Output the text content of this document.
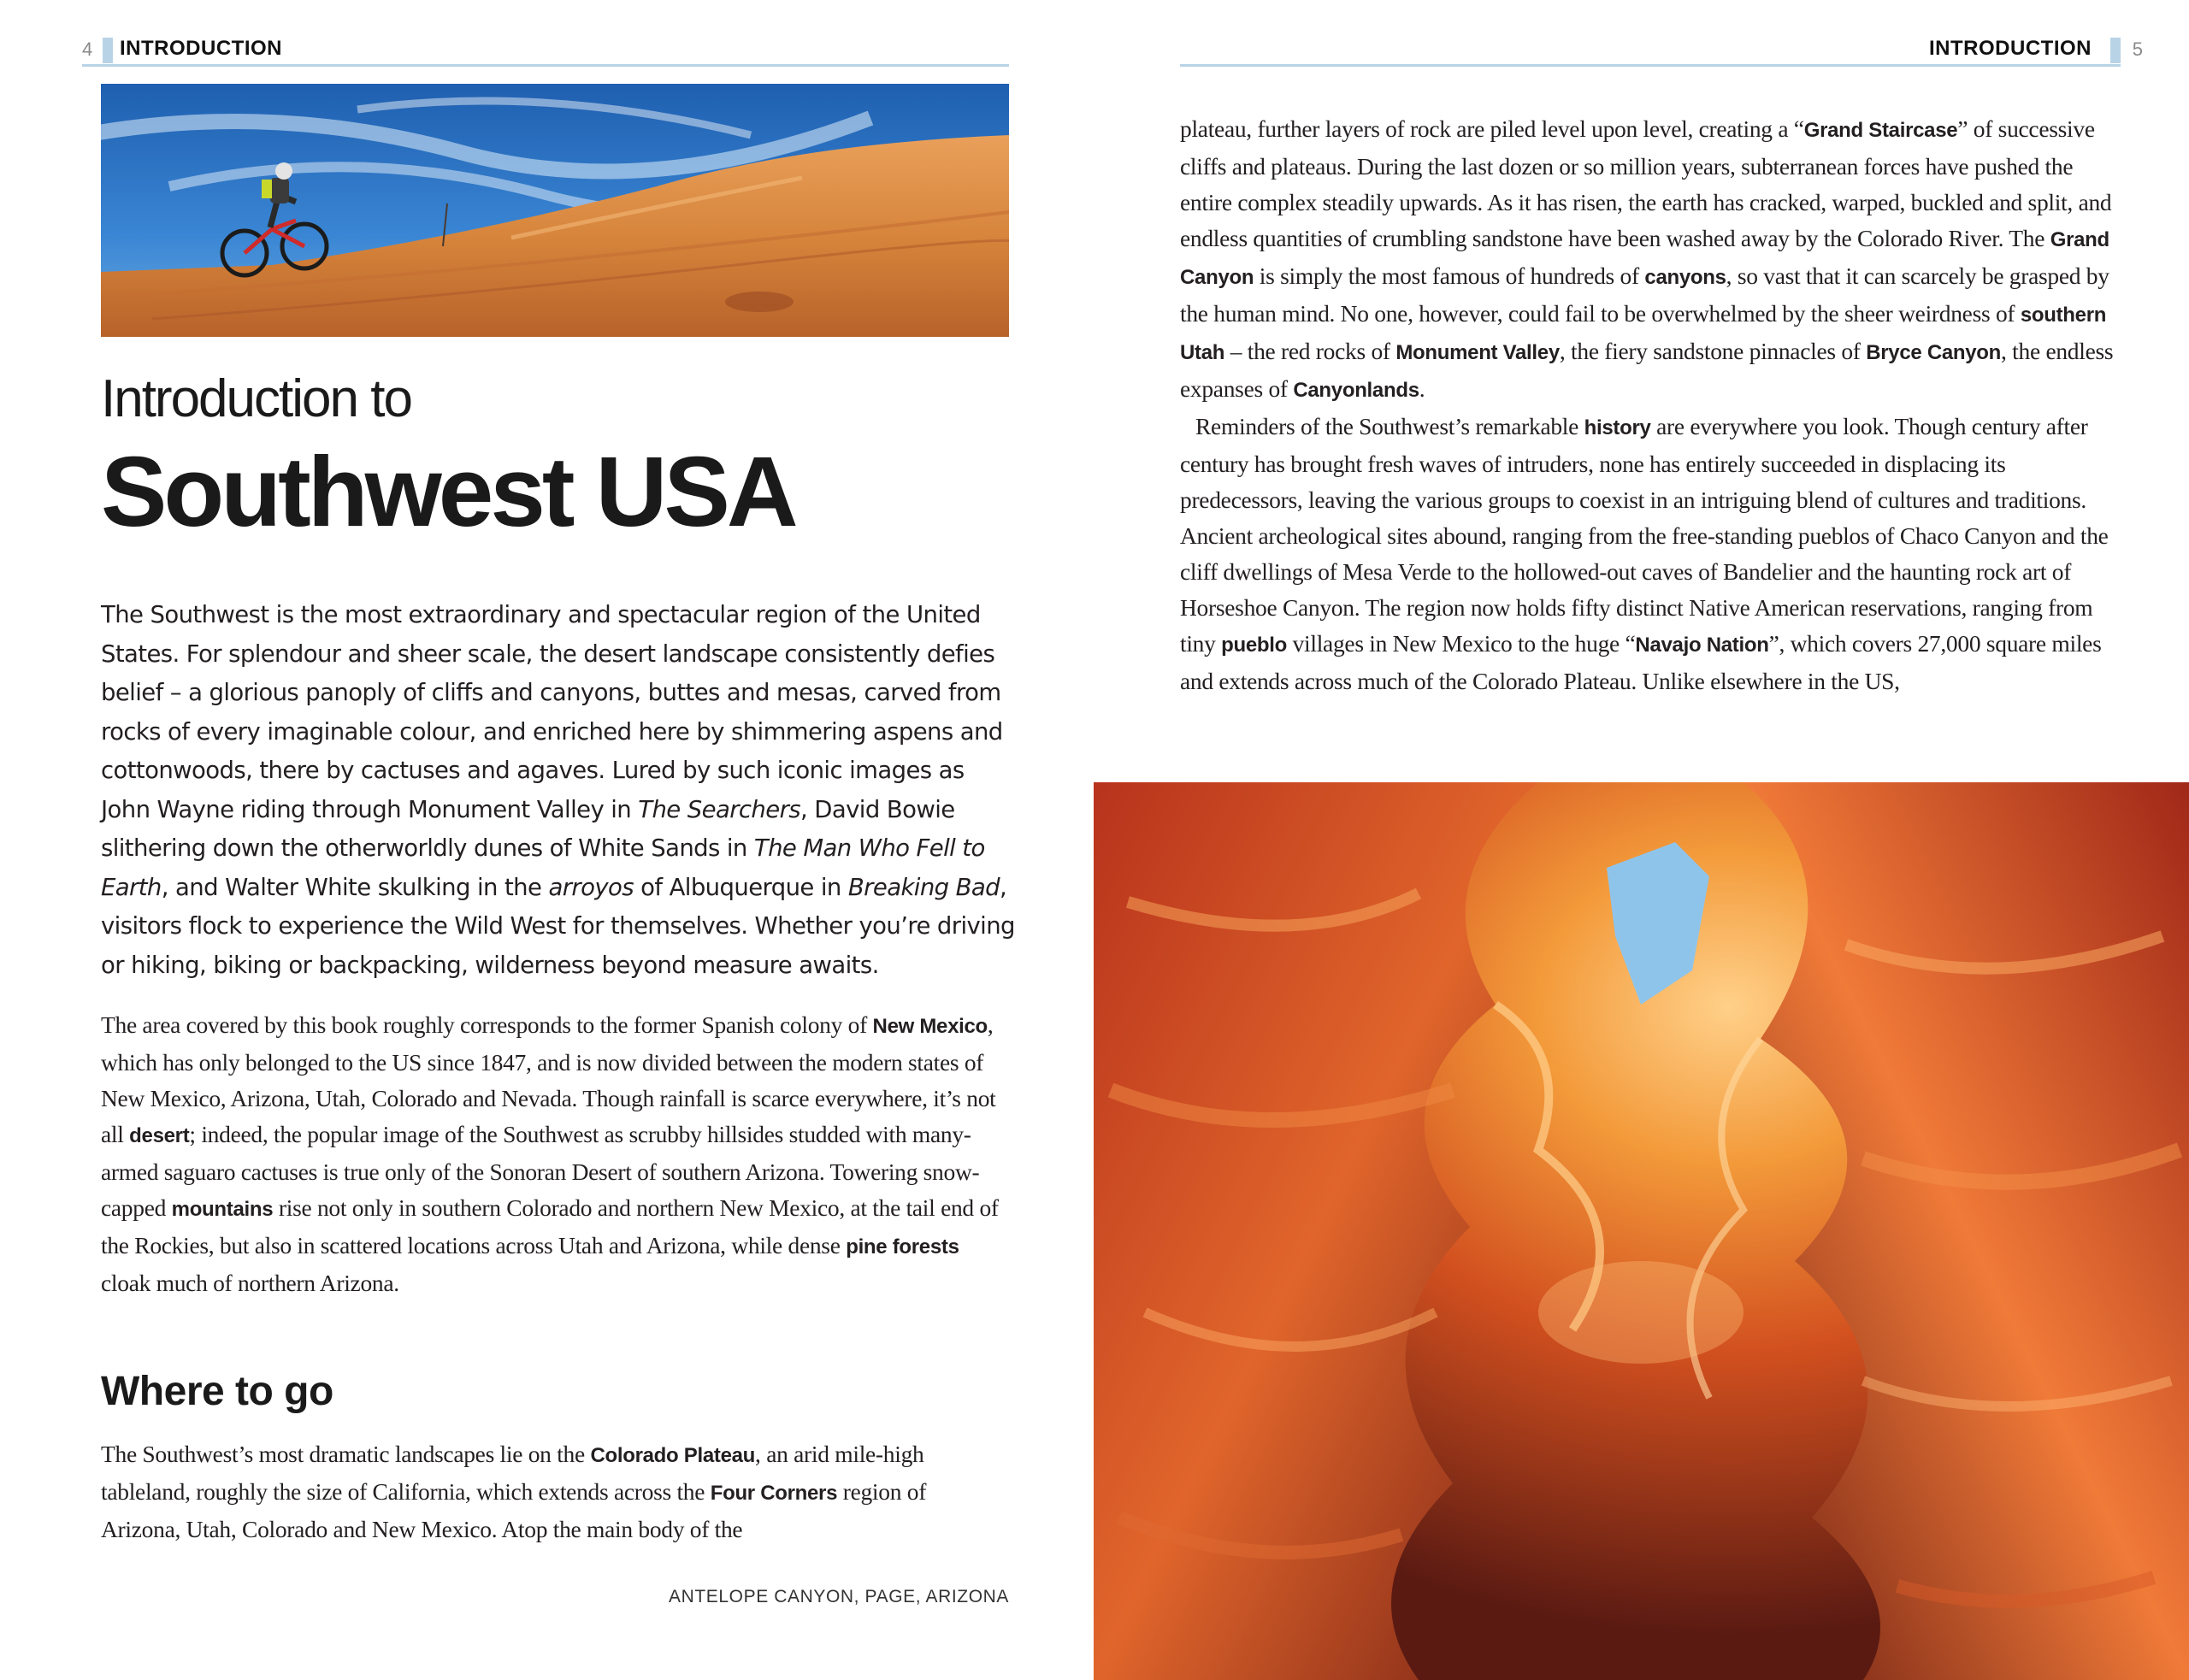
4 INTRODUCTION
Introduction to
Southwest USA
The Southwest is the most extraordinary and spectacular region of the United States. For splendour and sheer scale, the desert landscape consistently defies belief – a glorious panoply of cliffs and canyons, buttes and mesas, carved from rocks of every imaginable colour, and enriched here by shimmering aspens and cottonwoods, there by cactuses and agaves. Lured by such iconic images as John Wayne riding through Monument Valley in The Searchers, David Bowie slithering down the otherworldly dunes of White Sands in The Man Who Fell to Earth, and Walter White skulking in the arroyos of Albuquerque in Breaking Bad, visitors flock to experience the Wild West for themselves. Whether you’re driving or hiking, biking or backpacking, wilderness beyond measure awaits.

The area covered by this book roughly corresponds to the former Spanish colony of New Mexico, which has only belonged to the US since 1847, and is now divided between the modern states of New Mexico, Arizona, Utah, Colorado and Nevada. Though rainfall is scarce everywhere, it’s not all desert; indeed, the popular image of the Southwest as scrubby hillsides studded with many-armed saguaro cactuses is true only of the Sonoran Desert of southern Arizona. Towering snow-capped mountains rise not only in southern Colorado and northern New Mexico, at the tail end of the Rockies, but also in scattered locations across Utah and Arizona, while dense pine forests cloak much of northern Arizona.

Where to go

The Southwest’s most dramatic landscapes lie on the Colorado Plateau, an arid mile-high tableland, roughly the size of California, which extends across the Four Corners region of Arizona, Utah, Colorado and New Mexico. Atop the main body of the

ANTELOPE CANYON, PAGE, ARIZONA
INTRODUCTION 5

plateau, further layers of rock are piled level upon level, creating a “Grand Staircase” of successive cliffs and plateaus. During the last dozen or so million years, subterranean forces have pushed the entire complex steadily upwards. As it has risen, the earth has cracked, warped, buckled and split, and endless quantities of crumbling sandstone have been washed away by the Colorado River. The Grand Canyon is simply the most famous of hundreds of canyons, so vast that it can scarcely be grasped by the human mind. No one, however, could fail to be overwhelmed by the sheer weirdness of southern Utah – the red rocks of Monument Valley, the fiery sandstone pinnacles of Bryce Canyon, the endless expanses of Canyonlands.

Reminders of the Southwest’s remarkable history are everywhere you look. Though century after century has brought fresh waves of intruders, none has entirely succeeded in displacing its predecessors, leaving the various groups to coexist in an intriguing blend of cultures and traditions. Ancient archeological sites abound, ranging from the free-standing pueblos of Chaco Canyon and the cliff dwellings of Mesa Verde to the hollowed-out caves of Bandelier and the haunting rock art of Horseshoe Canyon. The region now holds fifty distinct Native American reservations, ranging from tiny pueblo villages in New Mexico to the huge “Navajo Nation”, which covers 27,000 square miles and extends across much of the Colorado Plateau. Unlike elsewhere in the US,
